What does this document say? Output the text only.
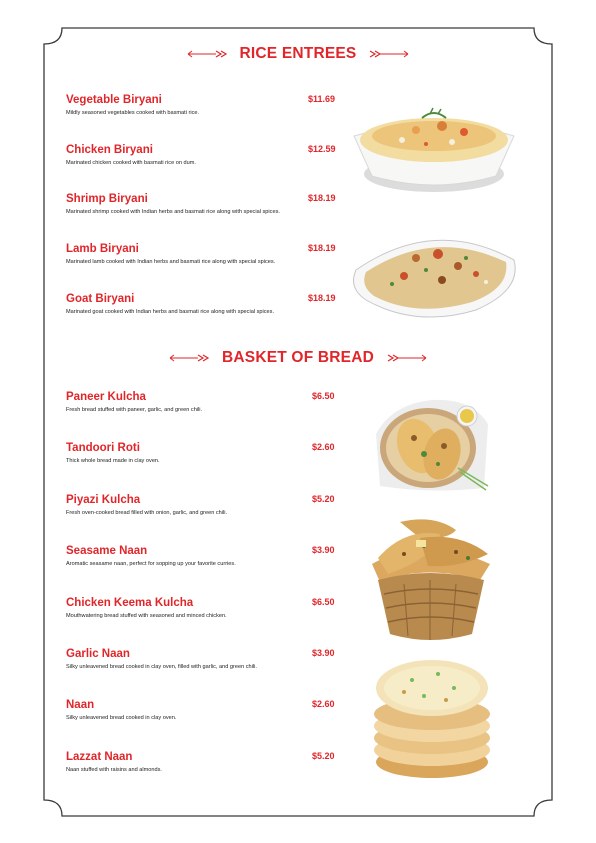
RICE ENTREES
Vegetable Biryani	$11.69
Mildly seasoned vegetables cooked with basmati rice.
Chicken Biryani	$12.59
Marinated chicken cooked with basmati rice on dum.
Shrimp Biryani	$18.19
Marinated shrimp cooked with Indian herbs and basmati rice along with special spices.
Lamb Biryani	$18.19
Marinated lamb cooked with Indian herbs and basmati rice along with special spices.
Goat Biryani	$18.19
Marinated goat cooked with Indian herbs and basmati rice along with special spices.
BASKET OF BREAD
Paneer Kulcha	$6.50
Fresh bread stuffed with paneer, garlic, and green chili.
Tandoori Roti	$2.60
Thick whole bread made in clay oven.
Piyazi Kulcha	$5.20
Fresh oven-cooked bread filled with onion, garlic, and green chili.
Seasame Naan	$3.90
Aromatic seasame naan, perfect for sopping up your favorite curries.
Chicken Keema Kulcha	$6.50
Mouthwatering bread stuffed with seasoned and minced chicken.
Garlic Naan	$3.90
Silky unleavened bread cooked in clay oven, filled with garlic, and green chili.
Naan	$2.60
Silky unleavened bread cooked in clay oven.
Lazzat Naan	$5.20
Naan stuffed with raisins and almonds.
